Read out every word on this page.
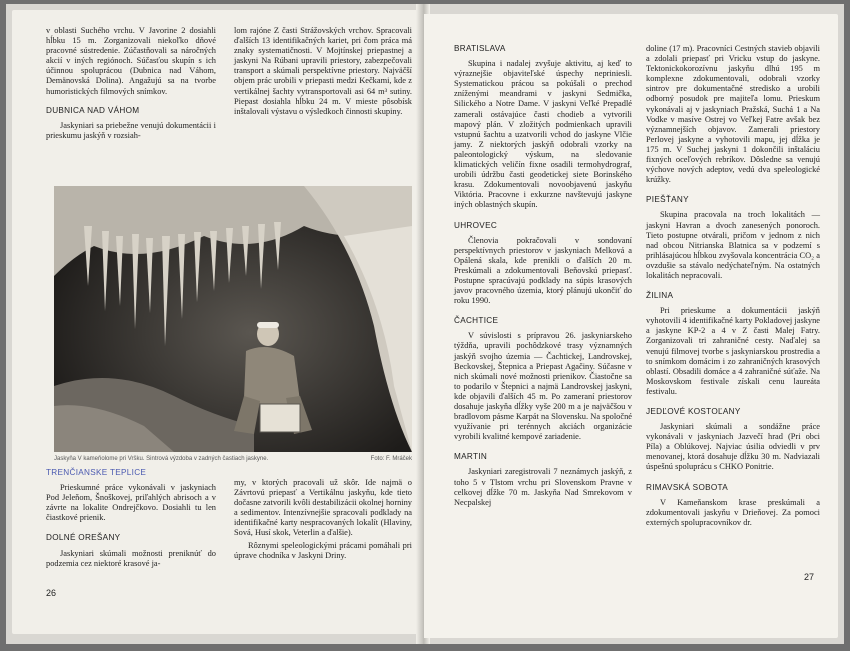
v oblasti Suchého vrchu. V Javorine 2 dosiahli hĺbku 15 m. Zorganizovali niekoľko dňové pracovné sústredenie. Zúčastňovali sa náročných akcií v iných regiónoch. Súčasťou skupín s ich účinnou spoluprácou (Dubnica nad Váhom, Demänovská Dolina). Angažujú sa na tvorbe humoristických filmových snímkov.

DUBNICA NAD VÁHOM

Jaskyniari sa priebežne venujú dokumentácii i prieskumu jaskýň v rozsiah-

lom rajóne Z časti Strážovských vrchov. Spracovali ďalších 13 identifikačných kariet, pri čom práca má znaky systematičnosti. V Mojtínskej priepastnej a jaskyni Na Rúbani upravili priestory, zabezpečovali transport a skúmali perspektívne priestory. Najväčší objem prác urobili v priepasti medzi Kečkami, kde z vertikálnej šachty vytransportovali asi 64 m³ sutiny. Piepast dosiahla hĺbku 24 m. V mieste pôsobísk inštalovali výstavu o výsledkoch činnosti skupiny.

Jaskyňa V kameňolome pri Vršku. Sintrová výzdoba v zadných častiach jaskyne.	Foto: F. Mráček
TRENČIANSKE TEPLICE

Prieskumné práce vykonávali v jaskyniach Pod Jeleňom, Šnoškovej, priľahlých abrisoch a v závrte na lokalite Ondrejčkovo. Dosiahli tu len čiastkové prienik.

DOLNÉ OREŠANY

Jaskyniari skúmali možnosti preniknúť do podzemia cez niektoré krasové ja-

my, v ktorých pracovali už skôr. Ide najmä o Závrtovú priepasť a Vertikálnu jaskyňu, kde tieto dočasne zatvorili kvôli destabilizácii okolnej horniny a sedimentov. Intenzívnejšie spracovali podklady na identifikačné karty nespracovaných lokalít (Hlaviny, Sová, Husí skok, Veterlin a ďalšie).

Rôznymi speleologickými prácami pomáhali pri úprave chodníka v Jaskyni Driny.

26
BRATISLAVA

Skupina i nadalej zvyšuje aktivitu, aj keď to výraznejšie objaviteľské úspechy nepriniesli. Systematickou prácou sa pokúšali o prechod zníženými meandrami v jaskyni Sedmička, Silického a Notre Dame. V jaskyni Veľké Prepadlé zamerali ostávajúce časti chodieb a vytvorili mapový plán. V zložitých podmienkach upravili vstupnú šachtu a uzatvorili vchod do jaskyne Vlčie jamy. Z niektorých jaskýň odobrali vzorky na paleontologický výskum, na sledovanie klimatických veličín fixne osadili termohydrograf, urobili údržbu časti geodetickej siete Borinského krasu. Zdokumentovali novoobjavenú jaskyňu Viktória. Pracovne i exkurzne navštevujú jaskyne iných oblastných skupín.

UHROVEC

Členovia pokračovali v sondovaní perspektívnych priestorov v jaskyniach Melková a Opálená skala, kde prenikli o ďalších 20 m. Preskúmali a zdokumentovali Beňovskú priepasť. Postupne spracúvajú podklady na súpis krasových javov pracovného územia, ktorý plánujú ukončiť do roku 1990.

ČACHTICE

V súvislosti s prípravou 26. jaskyniarskeho týždňa, upravili pochôdzkové trasy významných jaskýň svojho územia — Čachtickej, Landrovskej, Beckovskej, Štepnica a Priepast Agačiny. Súčasne v nich skúmali nové možnosti prienikov. Čiastočne sa to podarilo v Štepnici a najmä Landrovskej jaskyni, kde objavili ďalších 45 m. Po zameraní priestorov dosahuje jaskyňa dĺžky vyše 200 m a je najväčšou v bradlovom pásme Karpát na Slovensku. Na spoločné využívanie pri terénnych akciách organizácie vyrobili kvalitné kempové zariadenie.

MARTIN

Jaskyniari zaregistrovali 7 neznámych jaskýň, z toho 5 v Tlstom vrchu pri Slovenskom Pravne v celkovej dĺžke 70 m. Jaskyňa Nad Smrekovom v Necpalskej

doline (17 m). Pracovníci Cestných stavieb objavili a zdolali priepasť pri Vricku vstup do jaskyne. Tektonickokorozívnu jaskyňu dlhú 195 m komplexne zdokumentovali, odobrali vzorky sintrov pre dokumentačné stredisko a urobili odborný posudok pre majiteľa lomu. Prieskum vykonávali aj v jaskyniach Pražská, Suchá 1 a Na Vodke v masíve Ostrej vo Veľkej Fatre avšak bez významnejších objavov. Zamerali priestory Perlovej jaskyne a vyhotovili mapu, jej dĺžka je 175 m. V Suchej jaskyni 1 dokončili inštaláciu fixných oceľových rebríkov. Dôsledne sa venujú výchove nových adeptov, vedú dva speleologické krúžky.

PIEŠŤANY

Skupina pracovala na troch lokalitách — jaskyni Havran a dvoch zanesených ponoroch. Tieto postupne otvárali, pričom v jednom z nich nad obcou Nitrianska Blatnica sa v podzemí s prihlásajúcou hĺbkou zvyšovala koncentrácia CO₂ a ovzdušie sa stávalo nedýchateľným. Na ostatných lokalitách nepracovali.

ŽILINA

Pri prieskume a dokumentácii jaskýň vyhotovili 4 identifikačné karty Pokladovej jaskyne a jaskyne KP-2 a 4 v Z časti Malej Fatry. Zorganizovali tri zahraničné cesty. Naďalej sa venujú filmovej tvorbe s jaskyniarskou prostredia a to snímkom domácim i zo zahraničných krasových oblastí. Obsadili domáce a 4 zahraničné súťaže. Na Moskovskom festivale získali cenu laureáta festivalu.

JEDĽOVÉ KOSTOĽANY

Jaskyniari skúmali a sondážne práce vykonávali v jaskyniach Jazvečí hrad (Pri obci Píla) a Oblúkovej. Najviac úsilia odviedli v prv menovanej, ktorá dosahuje dĺžku 30 m. Nadviazali úspešnú spoluprácu s CHKO Ponitrie.

RIMAVSKÁ SOBOTA

V Kameňanskom krase preskúmali a zdokumentovali jaskyňu v Drieňovej. Za pomoci externých spolupracovníkov dr.

27
